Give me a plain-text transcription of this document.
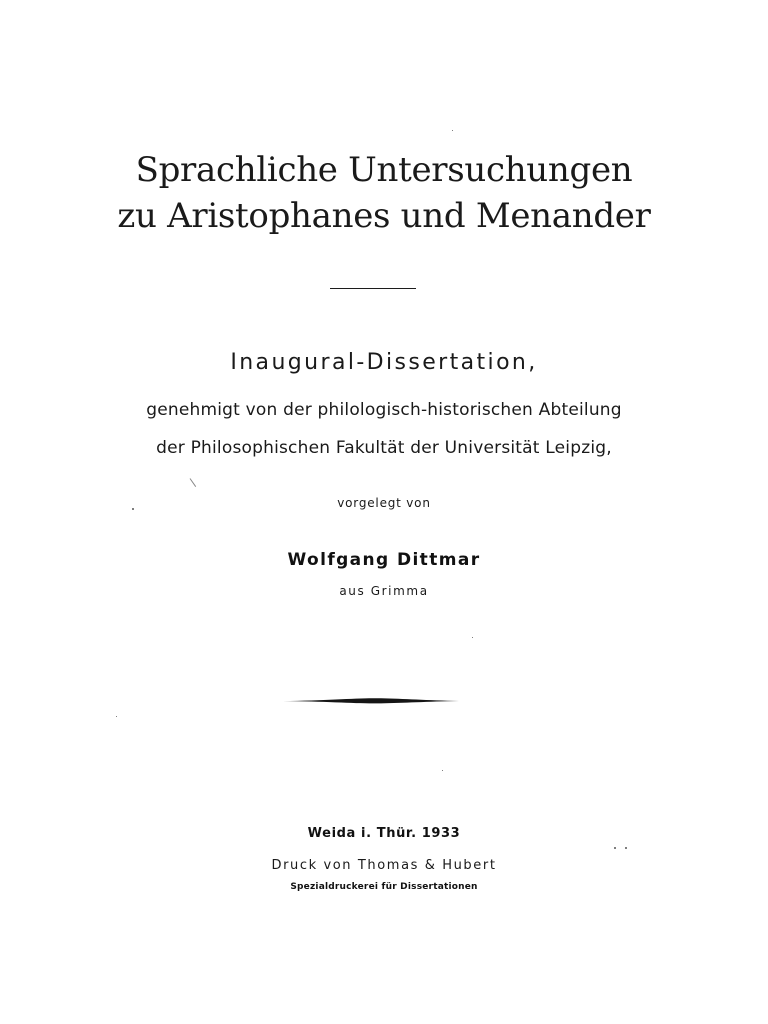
Sprachliche Untersuchungen
zu Aristophanes und Menander
Inaugural-Dissertation,
genehmigt von der philologisch-historischen Abteilung
der Philosophischen Fakultät der Universität Leipzig,
vorgelegt von
Wolfgang Dittmar
aus Grimma
Weida i. Thür. 1933
Druck von Thomas & Hubert
Spezialdruckerei für Dissertationen
